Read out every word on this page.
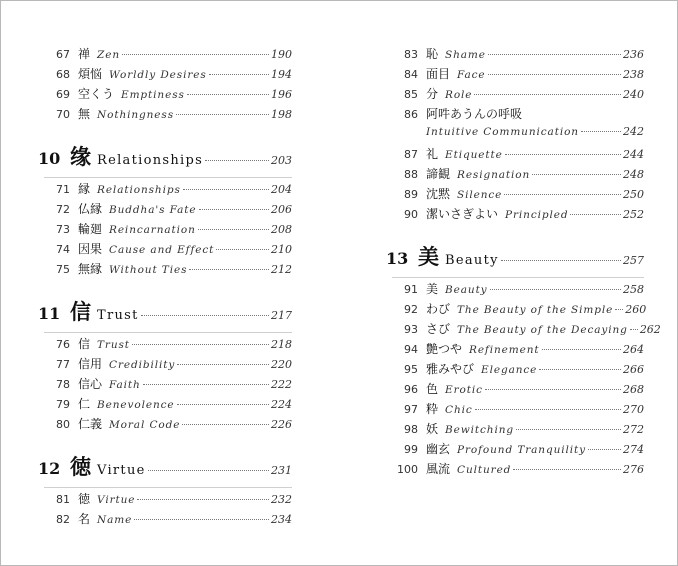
67 禅 Zen	190
68 煩悩 Worldly Desires	194
69 空くう Emptiness	196
70 無 Nothingness	198
10 缘 Relationships	203
71 縁 Relationships	204
72 仏縁 Buddha's Fate	206
73 輪廻 Reincarnation	208
74 因果 Cause and Effect	210
75 無縁 Without Ties	212
11 信 Trust	217
76 信 Trust	218
77 信用 Credibility	220
78 信心 Faith	222
79 仁 Benevolence	224
80 仁義 Moral Code	226
12 徳 Virtue	231
81 徳 Virtue	232
82 名 Name	234
83 恥 Shame	236
84 面目 Face	238
85 分 Role	240
86 阿吽あうんの呼吸
Intuitive Communication	242
87 礼 Etiquette	244
88 諦観 Resignation	248
89 沈黙 Silence	250
90 潔いさぎよい Principled	252
13 美 Beauty	257
91 美 Beauty	258
92 わび The Beauty of the Simple 260
93 さび The Beauty of the Decaying 262
94 艶つや Refinement	264
95 雅みやび Elegance	266
96 色 Erotic	268
97 粋 Chic	270
98 妖 Bewitching	272
99 幽玄 Profound Tranquility	274
100 風流 Cultured	276
